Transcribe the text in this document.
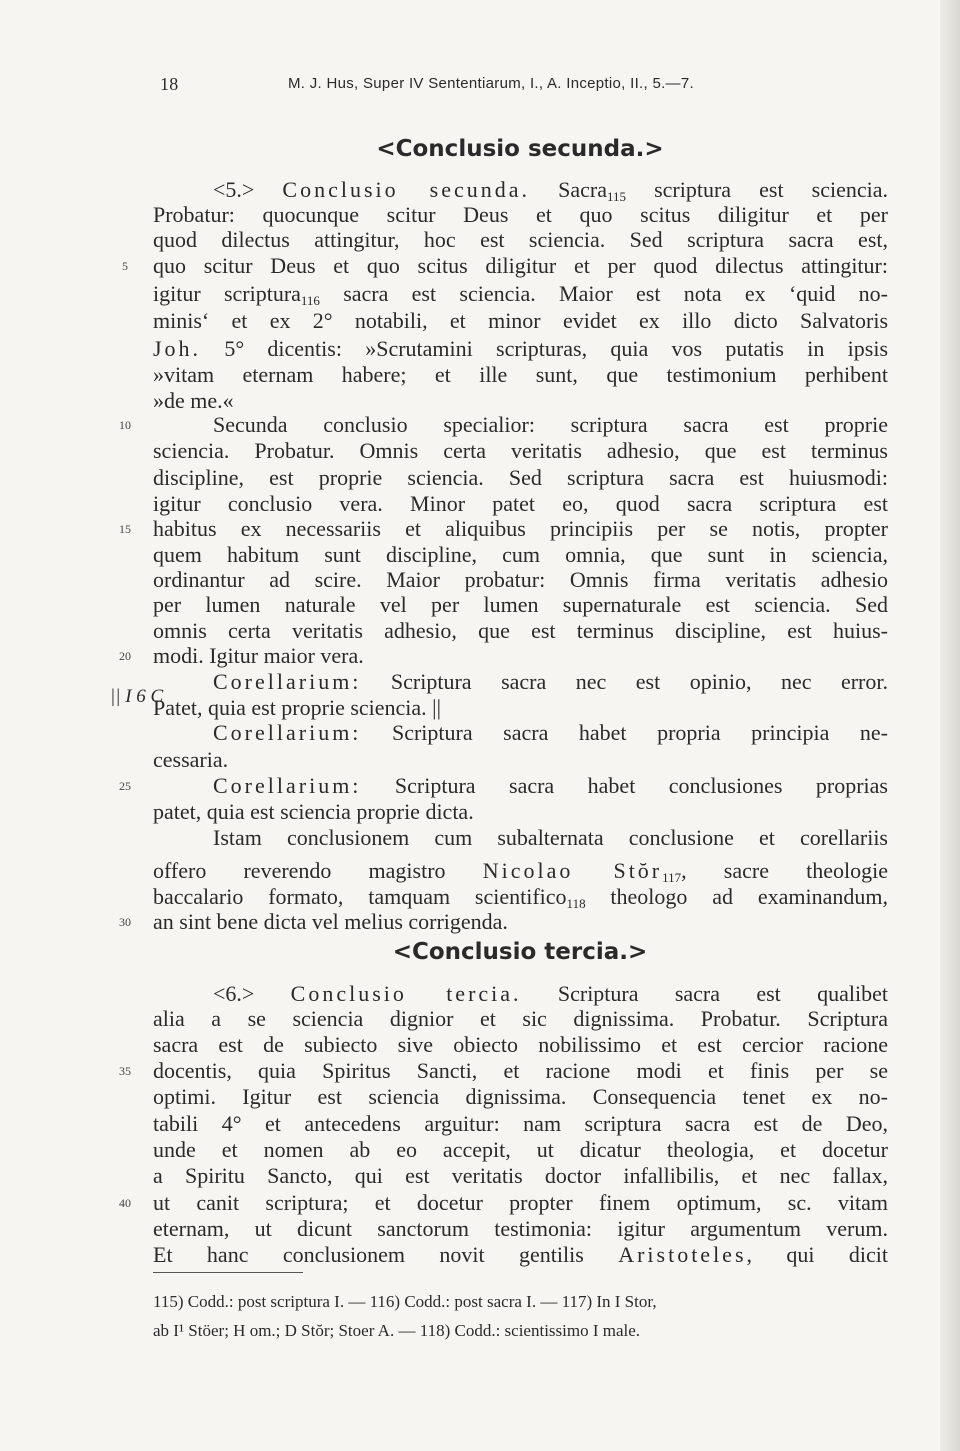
18	M. J. Hus, Super IV Sententiarum, I., A. Inceptio, II., 5.—7.
<Conclusio secunda.>
<Conclusio tercia.>
<5.> Conclusio secunda. Sacra$_{115}$ scriptura est sciencia.
Probatur: quocunque scitur Deus et quo scitus diligitur et per
quod dilectus attingitur, hoc est sciencia. Sed scriptura sacra est,
quo scitur Deus et quo scitus diligitur et per quod dilectus attingitur:
igitur scriptura$_{116}$ sacra est sciencia. Maior est nota ex ‘quid no-
minis‘ et ex 2° notabili, et minor evidet ex illo dicto Salvatoris
Joh. 5° dicentis: »Scrutamini scripturas, quia vos putatis in ipsis
»vitam eternam habere; et ille sunt, que testimonium perhibent
»de me.«
Secunda conclusio specialior: scriptura sacra est proprie
sciencia. Probatur. Omnis certa veritatis adhesio, que est terminus
discipline, est proprie sciencia. Sed scriptura sacra est huiusmodi:
igitur conclusio vera. Minor patet eo, quod sacra scriptura est
habitus ex necessariis et aliquibus principiis per se notis, propter
quem habitum sunt discipline, cum omnia, que sunt in sciencia,
ordinantur ad scire. Maior probatur: Omnis firma veritatis adhesio
per lumen naturale vel per lumen supernaturale est sciencia. Sed
omnis certa veritatis adhesio, que est terminus discipline, est huius-
modi. Igitur maior vera.
Corellarium: Scriptura sacra nec est opinio, nec error.
Patet, quia est proprie sciencia. ||
Corellarium: Scriptura sacra habet propria principia ne-
cessaria.
Corellarium: Scriptura sacra habet conclusiones proprias
patet, quia est sciencia proprie dicta.
Istam conclusionem cum subalternata conclusione et corellariis
offero reverendo magistro Nicolao Stŏr$_{117}$, sacre theologie
baccalario formato, tamquam scientifico$_{118}$ theologo ad examinandum,
an sint bene dicta vel melius corrigenda.
<6.> Conclusio tercia. Scriptura sacra est qualibet
alia a se sciencia dignior et sic dignissima. Probatur. Scriptura
sacra est de subiecto sive obiecto nobilissimo et est cercior racione
docentis, quia Spiritus Sancti, et racione modi et finis per se
optimi. Igitur est sciencia dignissima. Consequencia tenet ex no-
tabili 4° et antecedens arguitur: nam scriptura sacra est de Deo,
unde et nomen ab eo accepit, ut dicatur theologia, et docetur
a Spiritu Sancto, qui est veritatis doctor infallibilis, et nec fallax,
ut canit scriptura; et docetur propter finem optimum, sc. vitam
eternam, ut dicunt sanctorum testimonia: igitur argumentum verum.
Et hanc conclusionem novit gentilis Aristoteles, qui dicit
|| I 6 C
115) Codd.: post scriptura I. — 116) Codd.: post sacra I. — 117) In I Stor,
ab I¹ Stöer; H om.; D Stŏr; Stoer A. — 118) Codd.: scientissimo I male.
5
10
15
20
25
30
35
40
